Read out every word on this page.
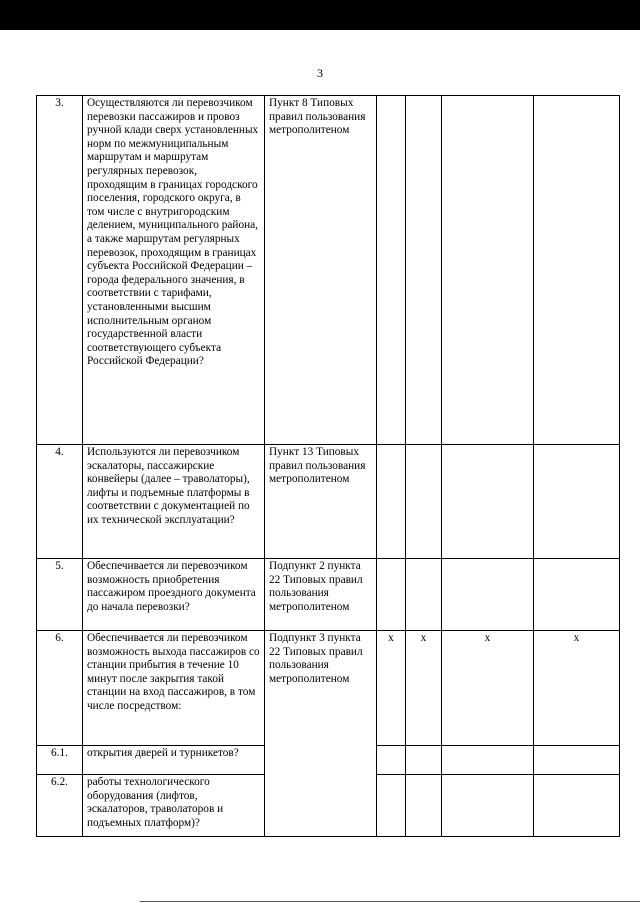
3
3.	Осуществляются ли перевозчиком перевозки пассажиров и провоз ручной клади сверх установленных норм по межмуниципальным маршрутам и маршрутам регулярных перевозок, проходящим в границах городского поселения, городского округа, в том числе с внутригородским делением, муниципального района, а также маршрутам регулярных перевозок, проходящим в границах субъекта Российской Федерации – города федерального значения, в соответствии с тарифами, установленными высшим исполнительным органом государственной власти соответствующего субъекта Российской Федерации?	Пункт 8 Типовых правил пользования метрополитеном				
4.	Используются ли перевозчиком эскалаторы, пассажирские конвейеры (далее – траволаторы), лифты и подъемные платформы в соответствии с документацией по их технической эксплуатации?	Пункт 13 Типовых правил пользования метрополитеном				
5.	Обеспечивается ли перевозчиком возможность приобретения пассажиром проездного документа до начала перевозки?	Подпункт 2 пункта 22 Типовых правил пользования метрополитеном				
6.	Обеспечивается ли перевозчиком возможность выхода пассажиров со станции прибытия в течение 10 минут после закрытия такой станции на вход пассажиров, в том числе посредством:	Подпункт 3 пункта 22 Типовых правил пользования метрополитеном	x	x	x	x
6.1.	открытия дверей и турникетов?					
6.2.	работы технологического оборудования (лифтов, эскалаторов, траволаторов и подъемных платформ)?					
